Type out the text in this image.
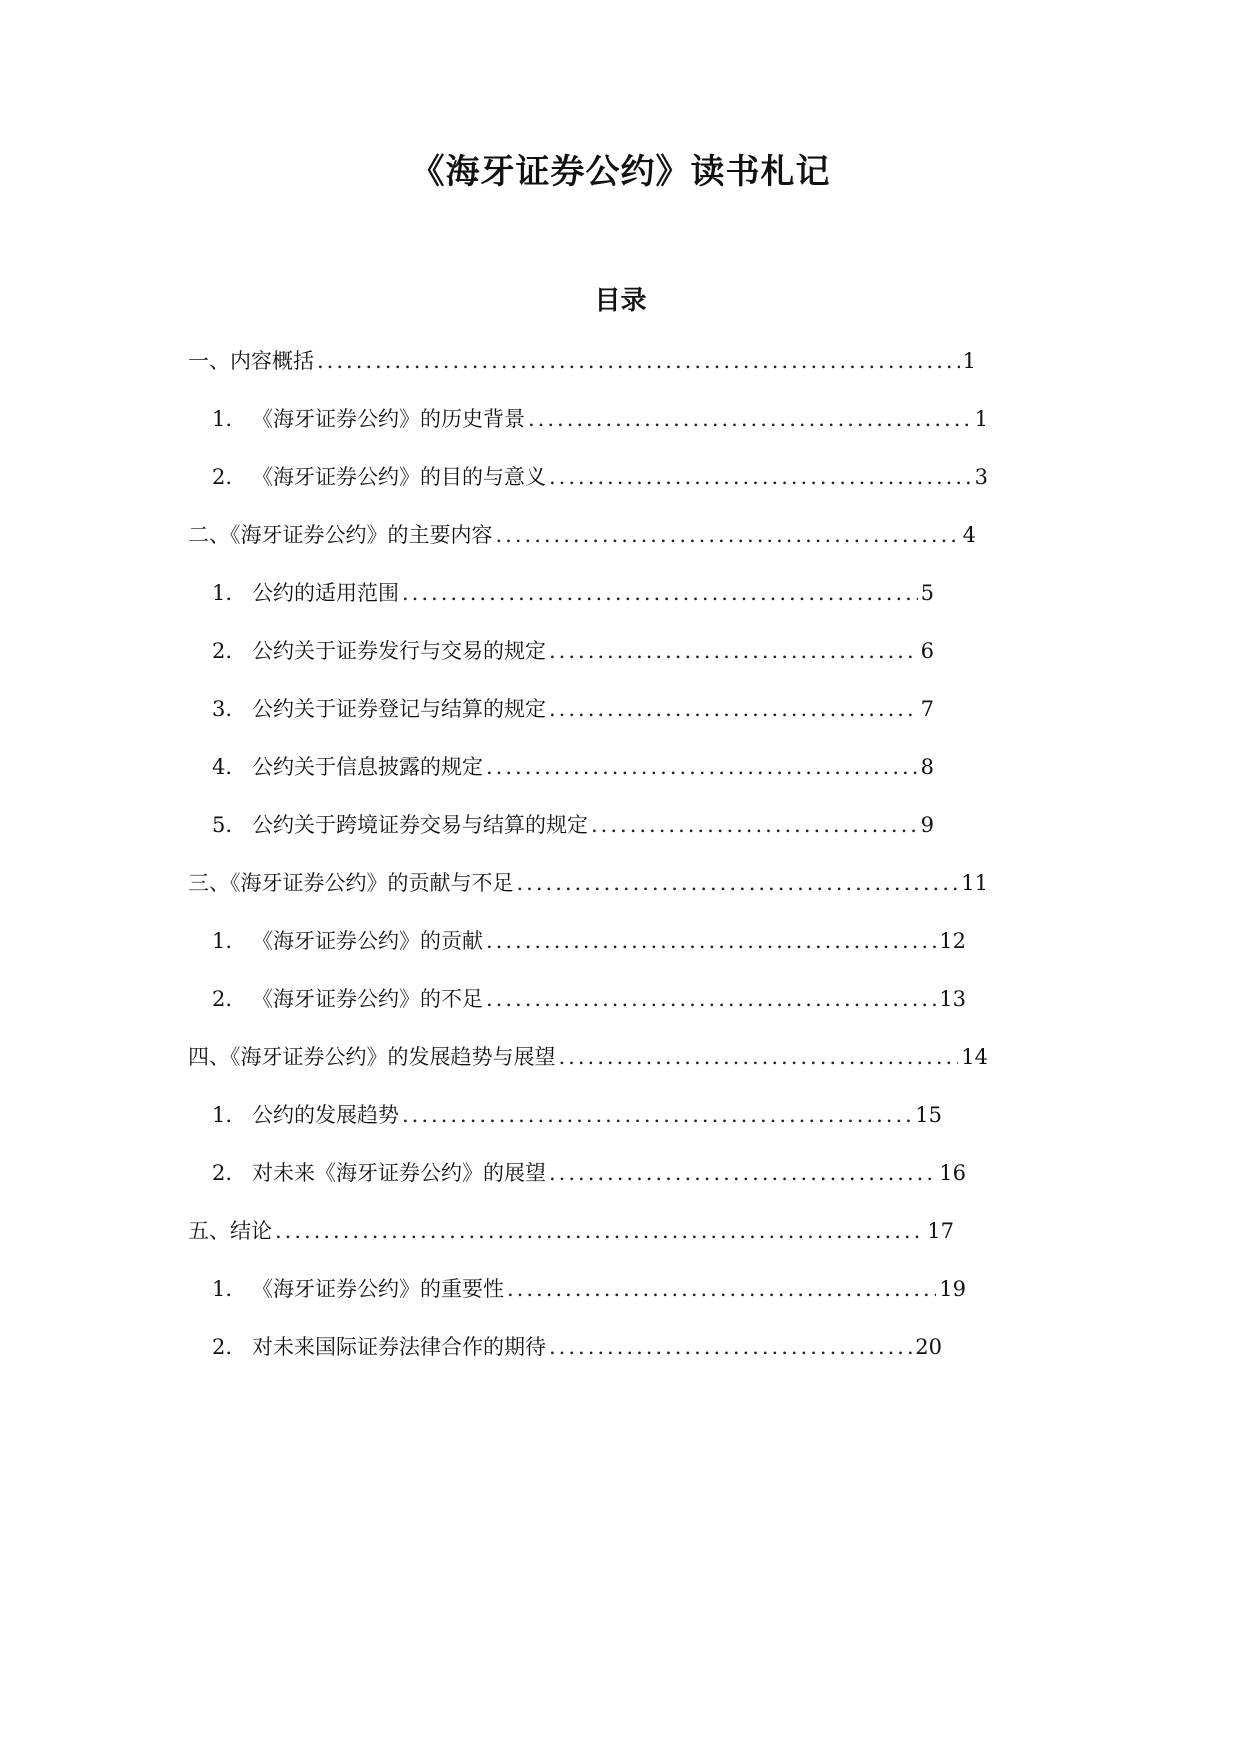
《海牙证券公约》读书札记
目录
一、内容概括 .....	1
1. 《海牙证券公约》的历史背景 .....	1
2. 《海牙证券公约》的目的与意义 .....	3
二、《海牙证券公约》的主要内容 .....	4
1. 公约的适用范围 .....	5
2. 公约关于证券发行与交易的规定 .....	6
3. 公约关于证券登记与结算的规定 .....	7
4. 公约关于信息披露的规定 .....	8
5. 公约关于跨境证券交易与结算的规定 .....	9
三、《海牙证券公约》的贡献与不足 .....	11
1. 《海牙证券公约》的贡献 .....	12
2. 《海牙证券公约》的不足 .....	13
四、《海牙证券公约》的发展趋势与展望 .....	14
1. 公约的发展趋势 .....	15
2. 对未来《海牙证券公约》的展望 .....	16
五、结论 .....	17
1. 《海牙证券公约》的重要性 .....	19
2. 对未来国际证券法律合作的期待 .....	20
